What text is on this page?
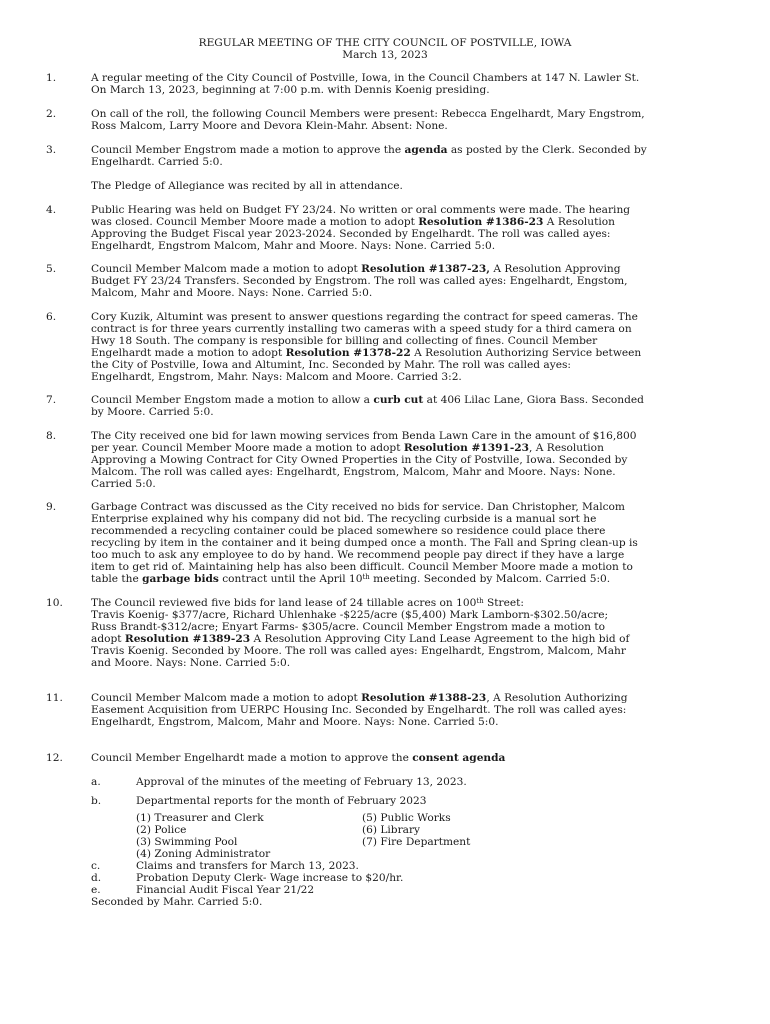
REGULAR MEETING OF THE CITY COUNCIL OF POSTVILLE, IOWA
March 13, 2023
1.	A regular meeting of the City Council of Postville, Iowa, in the Council Chambers at 147 N. Lawler St.

On March 13, 2023, beginning at 7:00 p.m. with Dennis Koenig presiding.

2.	On call of the roll, the following Council Members were present: Rebecca Engelhardt, Mary Engstrom,

Ross Malcom, Larry Moore and Devora Klein-Mahr. Absent: None.

3.	Council Member Engstrom made a motion to approve the agenda as posted by the Clerk. Seconded by

Engelhardt. Carried 5:0.

The Pledge of Allegiance was recited by all in attendance.
4.	Public Hearing was held on Budget FY 23/24. No written or oral comments were made. The hearing

was closed. Council Member Moore made a motion to adopt Resolution #1386-23 A Resolution

Approving the Budget Fiscal year 2023-2024. Seconded by Engelhardt. The roll was called ayes:

Engelhardt, Engstrom Malcom, Mahr and Moore. Nays: None. Carried 5:0.

5.	Council Member Malcom made a motion to adopt Resolution #1387-23, A Resolution Approving

Budget FY 23/24 Transfers. Seconded by Engstrom. The roll was called ayes: Engelhardt, Engstom,

Malcom, Mahr and Moore. Nays: None. Carried 5:0.

6.	Cory Kuzik, Altumint was present to answer questions regarding the contract for speed cameras. The

contract is for three years currently installing two cameras with a speed study for a third camera on

Hwy 18 South. The company is responsible for billing and collecting of fines. Council Member

Engelhardt made a motion to adopt Resolution #1378-22 A Resolution Authorizing Service between

the City of Postville, Iowa and Altumint, Inc. Seconded by Mahr. The roll was called ayes:

Engelhardt, Engstrom, Mahr. Nays: Malcom and Moore. Carried 3:2.

7.	Council Member Engstom made a motion to allow a curb cut at 406 Lilac Lane, Giora Bass. Seconded

by Moore. Carried 5:0.

8.	The City received one bid for lawn mowing services from Benda Lawn Care in the amount of $16,800

per year. Council Member Moore made a motion to adopt Resolution #1391-23, A Resolution

Approving a Mowing Contract for City Owned Properties in the City of Postville, Iowa. Seconded by

Malcom. The roll was called ayes: Engelhardt, Engstrom, Malcom, Mahr and Moore. Nays: None.

Carried 5:0.

9.	Garbage Contract was discussed as the City received no bids for service. Dan Christopher, Malcom

Enterprise explained why his company did not bid. The recycling curbside is a manual sort he

recommended a recycling container could be placed somewhere so residence could place there

recycling by item in the container and it being dumped once a month. The Fall and Spring clean-up is

too much to ask any employee to do by hand. We recommend people pay direct if they have a large

item to get rid of. Maintaining help has also been difficult. Council Member Moore made a motion to

table the garbage bids contract until the April 10th meeting. Seconded by Malcom. Carried 5:0.

10.	The Council reviewed five bids for land lease of 24 tillable acres on 100th Street:

Travis Koenig- $377/acre, Richard Uhlenhake -$225/acre ($5,400) Mark Lamborn-$302.50/acre;

Russ Brandt-$312/acre; Enyart Farms- $305/acre. Council Member Engstrom made a motion to

adopt Resolution #1389-23 A Resolution Approving City Land Lease Agreement to the high bid of

Travis Koenig. Seconded by Moore. The roll was called ayes: Engelhardt, Engstrom, Malcom, Mahr

and Moore. Nays: None. Carried 5:0.

11.	Council Member Malcom made a motion to adopt Resolution #1388-23, A Resolution Authorizing

Easement Acquisition from UERPC Housing Inc. Seconded by Engelhardt. The roll was called ayes:

Engelhardt, Engstrom, Malcom, Mahr and Moore. Nays: None. Carried 5:0.

12.	Council Member Engelhardt made a motion to approve the consent agenda

a.	Approval of the minutes of the meeting of February 13, 2023.
b.	Departmental reports for the month of February 2023
(1) Treasurer and Clerk
(2) Police
(3) Swimming Pool
(4) Zoning Administrator
(5) Public Works
(6) Library
(7) Fire Department
c.	Claims and transfers for March 13, 2023.
d.	Probation Deputy Clerk- Wage increase to $20/hr.
e.	Financial Audit Fiscal Year 21/22
Seconded by Mahr. Carried 5:0.
